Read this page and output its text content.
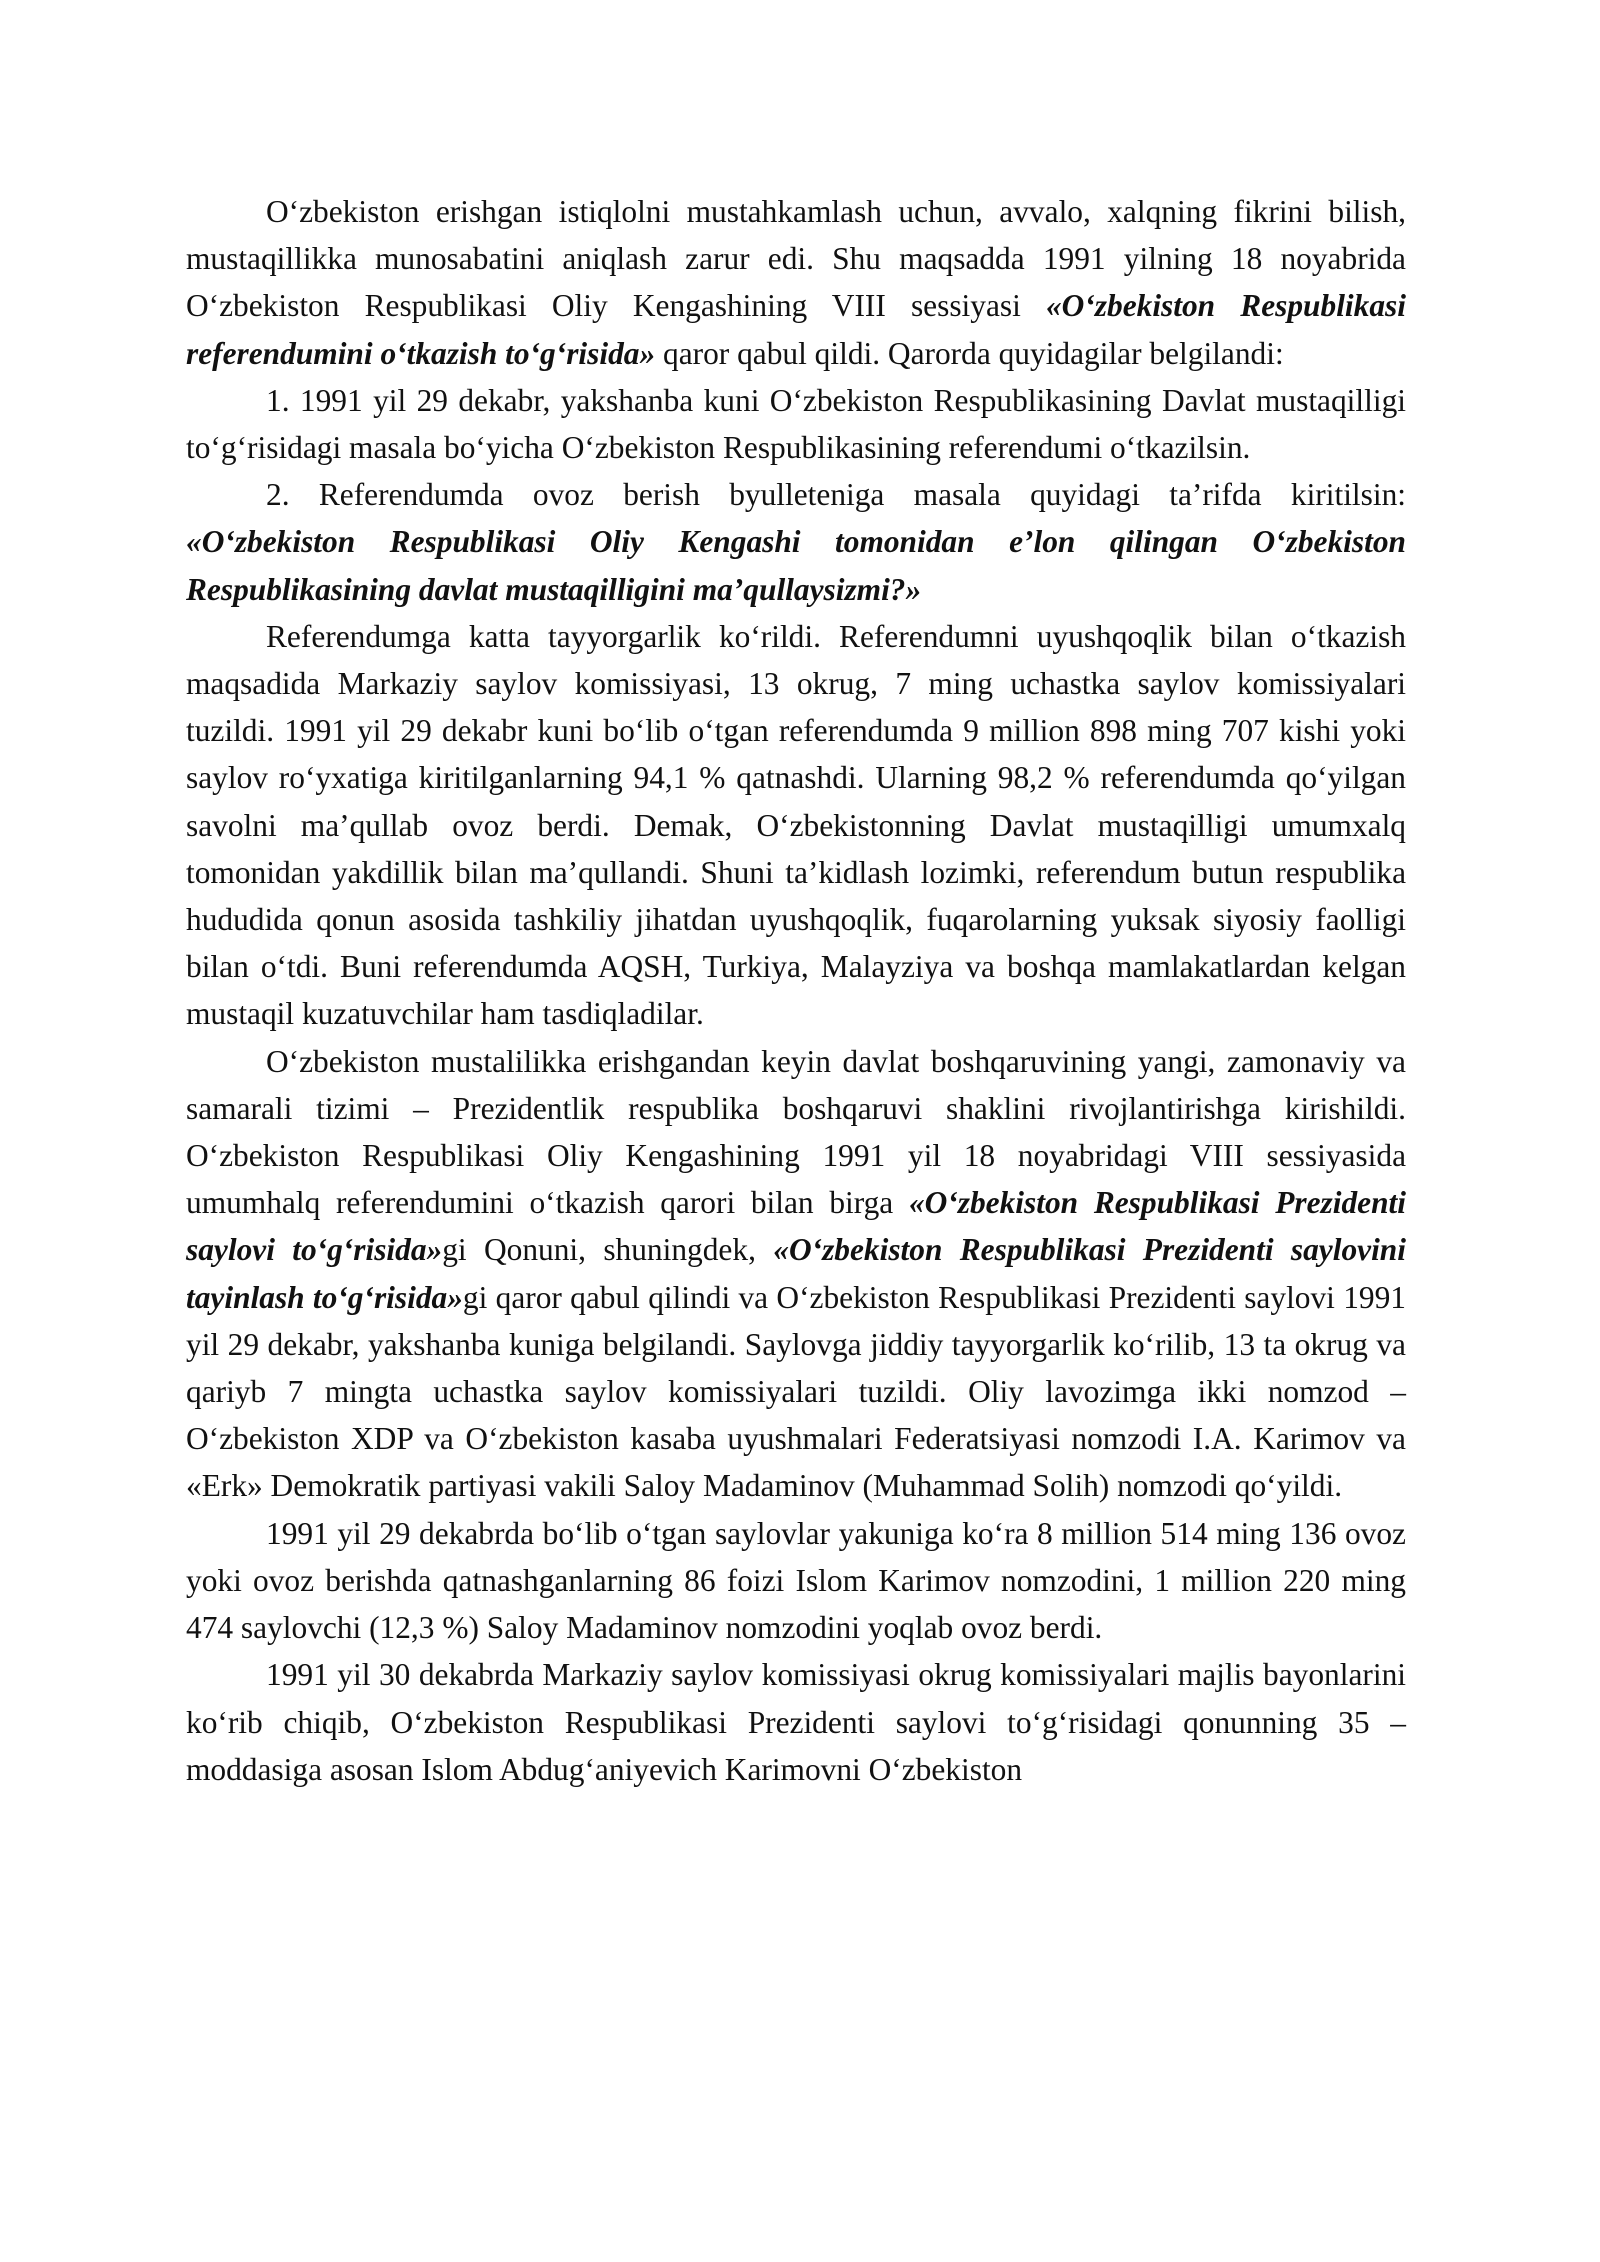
O‘zbekiston erishgan istiqlolni mustahkamlash uchun, avvalo, xalqning fikrini bilish, mustaqillikka munosabatini aniqlash zarur edi. Shu maqsadda 1991 yilning 18 noyabrida O‘zbekiston Respublikasi Oliy Kengashining VIII sessiyasi «O‘zbekiston Respublikasi referendumini o‘tkazish to‘g‘risida» qaror qabul qildi. Qarorda quyidagilar belgilandi:

1. 1991 yil 29 dekabr, yakshanba kuni O‘zbekiston Respublikasining Davlat mustaqilligi to‘g‘risidagi masala bo‘yicha O‘zbekiston Respublikasining referendumi o‘tkazilsin.

2. Referendumda ovoz berish byulleteniga masala quyidagi ta’rifda kiritilsin: «O‘zbekiston Respublikasi Oliy Kengashi tomonidan e’lon qilingan O‘zbekiston Respublikasining davlat mustaqilligini ma’qullaysizmi?»

Referendumga katta tayyorgarlik ko‘rildi. Referendumni uyushqoqlik bilan o‘tkazish maqsadida Markaziy saylov komissiyasi, 13 okrug, 7 ming uchastka saylov komissiyalari tuzildi. 1991 yil 29 dekabr kuni bo‘lib o‘tgan referendumda 9 million 898 ming 707 kishi yoki saylov ro‘yxatiga kiritilganlarning 94,1 % qatnashdi. Ularning 98,2 % referendumda qo‘yilgan savolni ma’qullab ovoz berdi. Demak, O‘zbekistonning Davlat mustaqilligi umumxalq tomonidan yakdillik bilan ma’qullandi. Shuni ta’kidlash lozimki, referendum butun respublika hududida qonun asosida tashkiliy jihatdan uyushqoqlik, fuqarolarning yuksak siyosiy faolligi bilan o‘tdi. Buni referendumda AQSH, Turkiya, Malayziya va boshqa mamlakatlardan kelgan mustaqil kuzatuvchilar ham tasdiqladilar.

O‘zbekiston mustalilikka erishgandan keyin davlat boshqaruvining yangi, zamonaviy va samarali tizimi – Prezidentlik respublika boshqaruvi shaklini rivojlantirishga kirishildi. O‘zbekiston Respublikasi Oliy Kengashining 1991 yil 18 noyabridagi VIII sessiyasida umumhalq referendumini o‘tkazish qarori bilan birga «O‘zbekiston Respublikasi Prezidenti saylovi to‘g‘risida»gi Qonuni, shuningdek, «O‘zbekiston Respublikasi Prezidenti saylovini tayinlash to‘g‘risida»gi qaror qabul qilindi va O‘zbekiston Respublikasi Prezidenti saylovi 1991 yil 29 dekabr, yakshanba kuniga belgilandi. Saylovga jiddiy tayyorgarlik ko‘rilib, 13 ta okrug va qariyb 7 mingta uchastka saylov komissiyalari tuzildi. Oliy lavozimga ikki nomzod – O‘zbekiston XDP va O‘zbekiston kasaba uyushmalari Federatsiyasi nomzodi I.A. Karimov va «Erk» Demokratik partiyasi vakili Saloy Madaminov (Muhammad Solih) nomzodi qo‘yildi.

1991 yil 29 dekabrda bo‘lib o‘tgan saylovlar yakuniga ko‘ra 8 million 514 ming 136 ovoz yoki ovoz berishda qatnashganlarning 86 foizi Islom Karimov nomzodini, 1 million 220 ming 474 saylovchi (12,3 %) Saloy Madaminov nomzodini yoqlab ovoz berdi.

1991 yil 30 dekabrda Markaziy saylov komissiyasi okrug komissiyalari majlis bayonlarini ko‘rib chiqib, O‘zbekiston Respublikasi Prezidenti saylovi to‘g‘risidagi qonunning 35 – moddasiga asosan Islom Abdug‘aniyevich Karimovni O‘zbekiston
